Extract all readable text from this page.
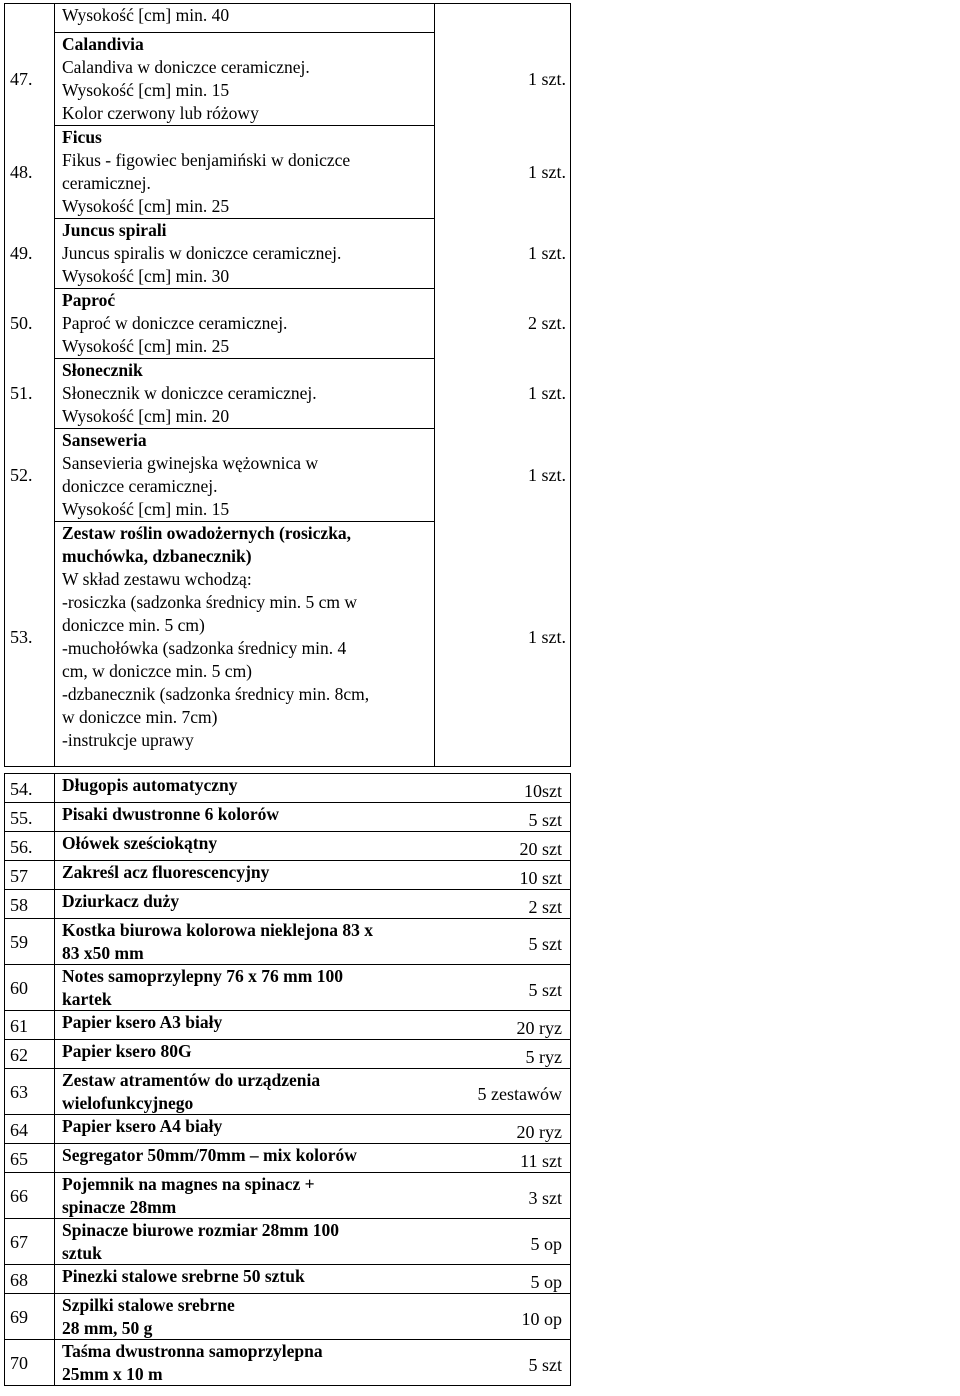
Wysokość [cm] min. 40
Calandivia
Calandiva w doniczce ceramicznej.
Wysokość [cm] min. 15
Kolor czerwony lub różowy
47.	1 szt.
Ficus
Fikus - figowiec benjamiński w doniczce
ceramicznej.
Wysokość [cm] min. 25
48.	1 szt.
Juncus spirali
Juncus spiralis w doniczce ceramicznej.
Wysokość [cm] min. 30
49.	1 szt.
Paproć
Paproć w doniczce ceramicznej.
Wysokość [cm] min. 25
50.	2 szt.
Słonecznik
Słonecznik w doniczce ceramicznej.
Wysokość [cm] min. 20
51.	1 szt.
Sanseweria
Sansevieria gwinejska wężownica w
doniczce ceramicznej.
Wysokość [cm] min. 15
52.	1 szt.
Zestaw roślin owadożernych (rosiczka,
muchówka, dzbanecznik)
W skład zestawu wchodzą:
-rosiczka (sadzonka średnicy min. 5 cm w
doniczce min. 5 cm)
-muchołówka (sadzonka średnicy min. 4
cm, w doniczce min. 5 cm)
-dzbanecznik (sadzonka średnicy min. 8cm,
w doniczce min. 7cm)
-instrukcje uprawy
53.	1 szt.
Długopis automatyczny
54.	10szt
Pisaki dwustronne 6 kolorów
55.	5 szt
Ołówek sześciokątny
56.	20 szt
Zakreśl acz fluorescencyjny
57	10 szt
Dziurkacz duży
58	2 szt
Kostka biurowa kolorowa nieklejona 83 x
83 x50 mm
59	5 szt
Notes samoprzylepny 76 x 76 mm 100
kartek
60	5 szt
Papier ksero A3 biały
61	20 ryz
Papier ksero 80G
62	5 ryz
Zestaw atramentów do urządzenia
wielofunkcyjnego
63	5 zestawów
Papier ksero A4 biały
64	20 ryz
Segregator 50mm/70mm – mix kolorów
65	11 szt
Pojemnik na magnes na spinacz +
spinacze 28mm
66	3 szt
Spinacze biurowe rozmiar 28mm 100
sztuk
67	5 op
Pinezki stalowe srebrne 50 sztuk
68	5 op
Szpilki stalowe srebrne
28 mm, 50 g
69	10 op
Taśma dwustronna samoprzylepna
25mm x 10 m
70	5 szt
